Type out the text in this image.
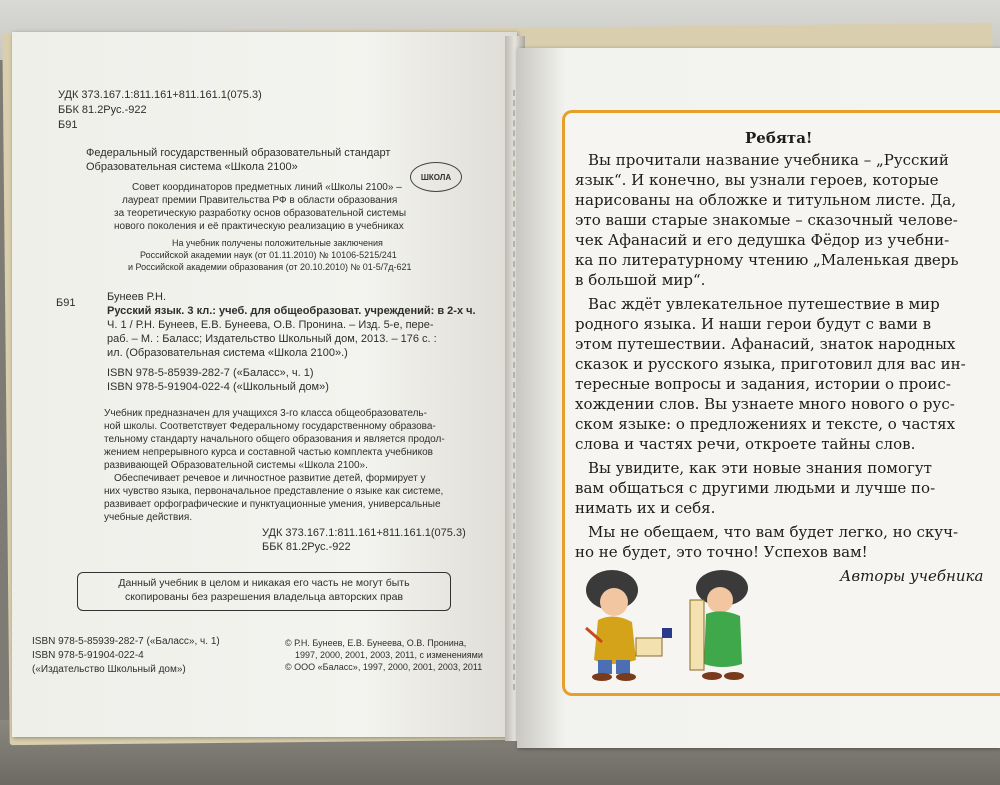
УДК 373.167.1:811.161+811.161.1(075.3)
ББК 81.2Рус.-922
Б91
Федеральный государственный образовательный стандарт
Образовательная система «Школа 2100»
ШКОЛА
Совет координаторов предметных линий «Школы 2100» –
лауреат премии Правительства РФ в области образования
за теоретическую разработку основ образовательной системы
нового поколения и её практическую реализацию в учебниках
На учебник получены положительные заключения
Российской академии наук (от 01.11.2010) № 10106-5215/241
и Российской академии образования (от 20.10.2010) № 01-5/7д-621
Б91	Бунеев Р.Н.
Русский язык. 3 кл.: учеб. для общеобразоват. учреждений: в 2-х ч.
Ч. 1 / Р.Н. Бунеев, Е.В. Бунеева, О.В. Пронина. – Изд. 5-е, пере-
раб. – М. : Баласс; Издательство Школьный дом, 2013. – 176 с. :
ил. (Образовательная система «Школа 2100».)
ISBN 978-5-85939-282-7 («Баласс», ч. 1)
ISBN 978-5-91904-022-4 («Школьный дом»)
Учебник предназначен для учащихся 3-го класса общеобразователь-
ной школы. Соответствует Федеральному государственному образова-
тельному стандарту начального общего образования и является продол-
жением непрерывного курса и составной частью комплекта учебников
развивающей Образовательной системы «Школа 2100».
Обеспечивает речевое и личностное развитие детей, формирует у
них чувство языка, первоначальное представление о языке как системе,
развивает орфографические и пунктуационные умения, универсальные
учебные действия.
УДК 373.167.1:811.161+811.161.1(075.3)
ББК 81.2Рус.-922
Данный учебник в целом и никакая его часть не могут быть
скопированы без разрешения владельца авторских прав
ISBN 978-5-85939-282-7 («Баласс», ч. 1)
ISBN 978-5-91904-022-4
(«Издательство Школьный дом»)
© Р.Н. Бунеев, Е.В. Бунеева, О.В. Пронина,
1997, 2000, 2001, 2003, 2011, с изменениями
© ООО «Баласс», 1997, 2000, 2001, 2003, 2011
Ребята!
Вы прочитали название учебника – „Русский
язык“. И конечно, вы узнали героев, которые
нарисованы на обложке и титульном листе. Да,
это ваши старые знакомые – сказочный челове-
чек Афанасий и его дедушка Фёдор из учебни-
ка по литературному чтению „Маленькая дверь
в большой мир“.
Вас ждёт увлекательное путешествие в мир
родного языка. И наши герои будут с вами в
этом путешествии. Афанасий, знаток народных
сказок и русского языка, приготовил для вас ин-
тересные вопросы и задания, истории о проис-
хождении слов. Вы узнаете много нового о рус-
ском языке: о предложениях и тексте, о частях
слова и частях речи, откроете тайны слов.
Вы увидите, как эти новые знания помогут
вам общаться с другими людьми и лучше по-
нимать их и себя.
Мы не обещаем, что вам будет легко, но скуч-
но не будет, это точно! Успехов вам!
Авторы учебника
